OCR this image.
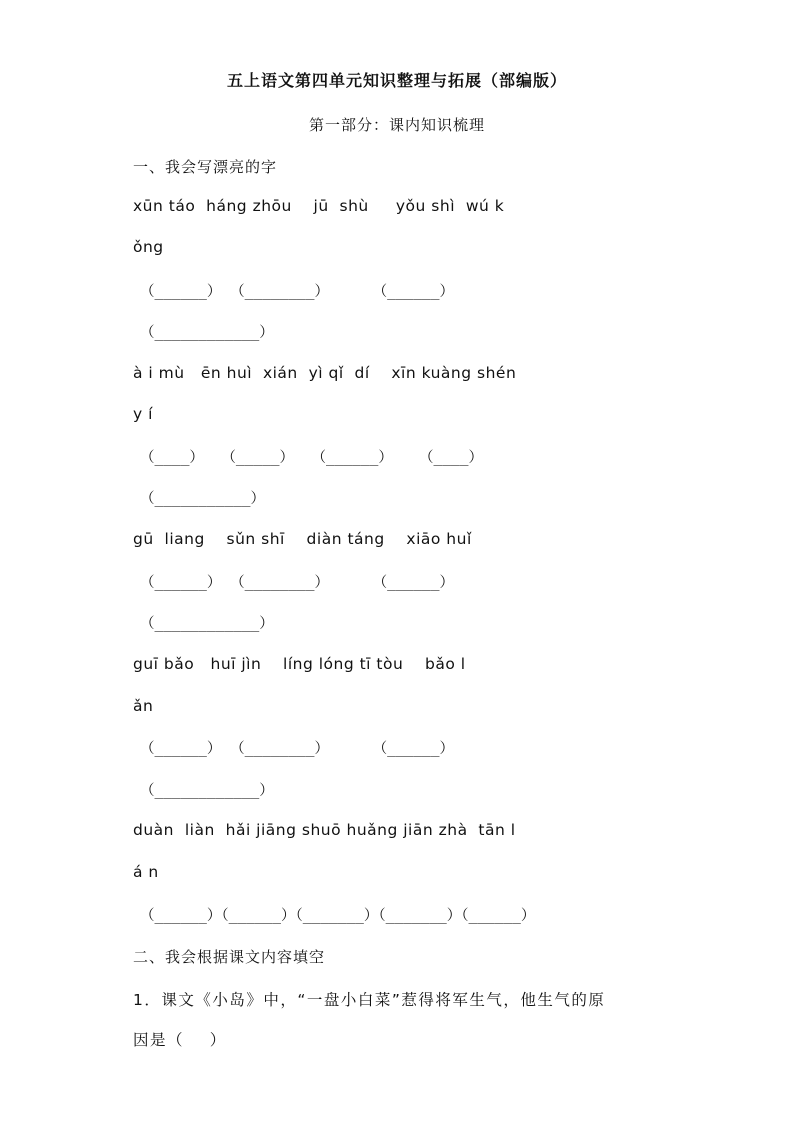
五上语文第四单元知识整理与拓展（部编版）
第一部分：课内知识梳理
一、我会写漂亮的字
xūn táo  háng zhōu    jū  shù     yǒu shì  wú k
ǒng
（______） （________）     （______）
（____________）
à i mù   ēn huì  xián  yì qǐ  dí    xīn kuàng shén
y í
（____）  （_____）  （______）   （____）
（___________）
gū  liang    sǔn shī    diàn táng    xiāo huǐ
（______） （________）     （______）
（____________）
guī bǎo   huī jìn    líng lóng tī tòu    bǎo l
ǎn
（______） （________）     （______）
（____________）
duàn  liàn  hǎi jiāng shuō huǎng jiān zhà  tān l
á n
（______）（______）（_______）（_______）（______）
二、我会根据课文内容填空
1．课文《小岛》中，“一盘小白菜”惹得将军生气，他生气的原
因是（    ）
